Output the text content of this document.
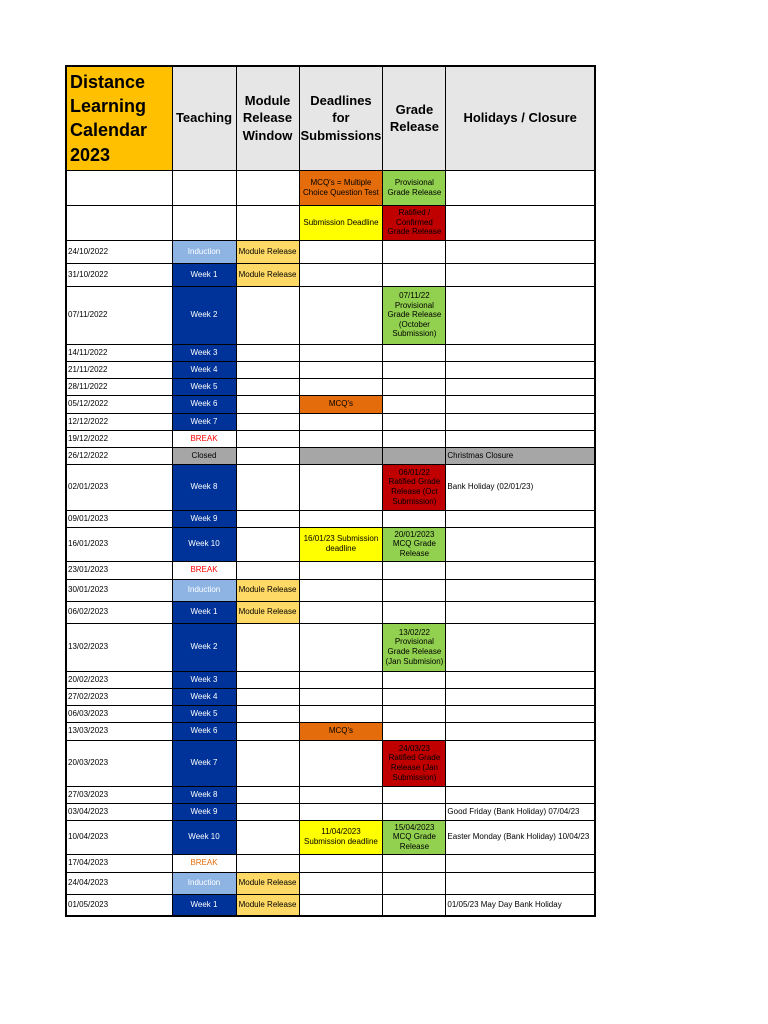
Distance Learning Calendar 2023	Teaching	Module Release Window	Deadlines for Submissions	Grade Release	Holidays / Closure
			MCQ's = Multiple Choice Question Test	Provisional Grade Release	
			Submission Deadline	Ratified / Confirmed Grade Release	
24/10/2022	Induction	Module Release			
31/10/2022	Week 1	Module Release			
07/11/2022	Week 2			07/11/22 Provisional Grade Release (October Submission)	
14/11/2022	Week 3				
21/11/2022	Week 4				
28/11/2022	Week 5				
05/12/2022	Week 6		MCQ's		
12/12/2022	Week 7				
19/12/2022	BREAK				
26/12/2022	Closed				Christmas Closure
02/01/2023	Week 8			06/01/22 Ratified Grade Release (Oct Submission)	Bank Holiday (02/01/23)
09/01/2023	Week 9				
16/01/2023	Week 10		16/01/23 Submission deadline	20/01/2023 MCQ Grade Release	
23/01/2023	BREAK				
30/01/2023	Induction	Module Release			
06/02/2023	Week 1	Module Release			
13/02/2023	Week 2			13/02/22 Provisional Grade Release (Jan Submision)	
20/02/2023	Week 3				
27/02/2023	Week 4				
06/03/2023	Week 5				
13/03/2023	Week 6		MCQ's		
20/03/2023	Week 7			24/03/23 Ratified Grade Release (Jan Submission)	
27/03/2023	Week 8				
03/04/2023	Week 9				Good Friday (Bank Holiday) 07/04/23
10/04/2023	Week 10		11/04/2023 Submission deadline	15/04/2023 MCQ Grade Release	Easter Monday (Bank Holiday) 10/04/23
17/04/2023	BREAK				
24/04/2023	Induction	Module Release			
01/05/2023	Week 1	Module Release			01/05/23 May Day Bank Holiday
